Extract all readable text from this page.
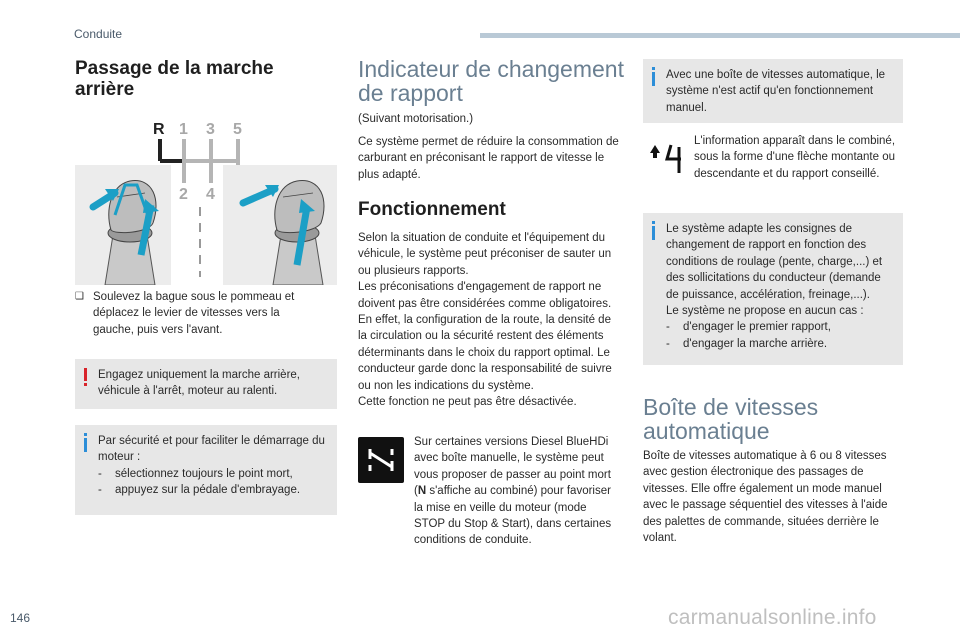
Conduite
Passage de la marche
arrière
R 1 3 5
2 4
❑ Soulevez la bague sous le pommeau et déplacez le levier de vitesses vers la gauche, puis vers l'avant.
Engagez uniquement la marche arrière, véhicule à l'arrêt, moteur au ralenti.
Par sécurité et pour faciliter le démarrage du moteur :
- sélectionnez toujours le point mort,
- appuyez sur la pédale d'embrayage.
Indicateur de changement
de rapport
(Suivant motorisation.)
Ce système permet de réduire la consommation de carburant en préconisant le rapport de vitesse le plus adapté.
Fonctionnement
Selon la situation de conduite et l'équipement du véhicule, le système peut préconiser de sauter un ou plusieurs rapports.
Les préconisations d'engagement de rapport ne doivent pas être considérées comme obligatoires. En effet, la configuration de la route, la densité de la circulation ou la sécurité restent des éléments déterminants dans le choix du rapport optimal. Le conducteur garde donc la responsabilité de suivre ou non les indications du système.
Cette fonction ne peut pas être désactivée.
Sur certaines versions Diesel BlueHDi avec boîte manuelle, le système peut vous proposer de passer au point mort (N s'affiche au combiné) pour favoriser la mise en veille du moteur (mode STOP du Stop & Start), dans certaines conditions de conduite.
Avec une boîte de vitesses automatique, le système n'est actif qu'en fonctionnement manuel.
L'information apparaît dans le combiné, sous la forme d'une flèche montante ou descendante et du rapport conseillé.
Le système adapte les consignes de changement de rapport en fonction des conditions de roulage (pente, charge,...) et des sollicitations du conducteur (demande de puissance, accélération, freinage,...).
Le système ne propose en aucun cas :
- d'engager le premier rapport,
- d'engager la marche arrière.
Boîte de vitesses
automatique
Boîte de vitesses automatique à 6 ou 8 vitesses avec gestion électronique des passages de vitesses. Elle offre également un mode manuel avec le passage séquentiel des vitesses à l'aide des palettes de commande, situées derrière le volant.
146	carmanualsonline.info
